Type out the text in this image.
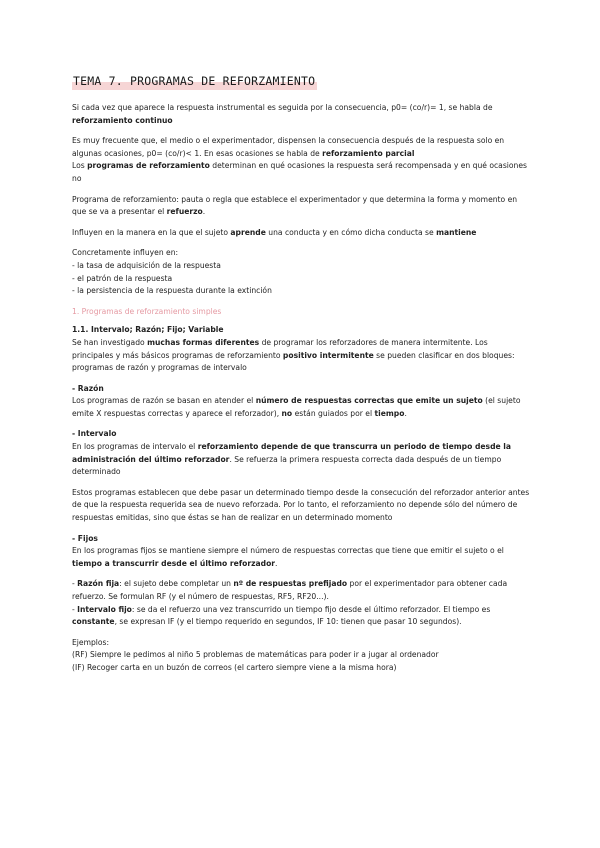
TEMA 7. PROGRAMAS DE REFORZAMIENTO

Si cada vez que aparece la respuesta instrumental es seguida por la consecuencia, p0= (co/r)= 1, se habla de reforzamiento continuo

Es muy frecuente que, el medio o el experimentador, dispensen la consecuencia después de la respuesta solo en algunas ocasiones, p0= (co/r)< 1. En esas ocasiones se habla de reforzamiento parcial

Los programas de reforzamiento determinan en qué ocasiones la respuesta será recompensada y en qué ocasiones no

Programa de reforzamiento: pauta o regla que establece el experimentador y que determina la forma y momento en que se va a presentar el refuerzo.

Influyen en la manera en la que el sujeto aprende una conducta y en cómo dicha conducta se mantiene

Concretamente influyen en:
- la tasa de adquisición de la respuesta
- el patrón de la respuesta
- la persistencia de la respuesta durante la extinción

1. Programas de reforzamiento simples

1.1. Intervalo; Razón; Fijo; Variable
Se han investigado muchas formas diferentes de programar los reforzadores de manera intermitente. Los principales y más básicos programas de reforzamiento positivo intermitente se pueden clasificar en dos bloques: programas de razón y programas de intervalo

- Razón
Los programas de razón se basan en atender el número de respuestas correctas que emite un sujeto (el sujeto emite X respuestas correctas y aparece el reforzador), no están guiados por el tiempo.

- Intervalo
En los programas de intervalo el reforzamiento depende de que transcurra un periodo de tiempo desde la administración del último reforzador. Se refuerza la primera respuesta correcta dada después de un tiempo determinado

Estos programas establecen que debe pasar un determinado tiempo desde la consecución del reforzador anterior antes de que la respuesta requerida sea de nuevo reforzada. Por lo tanto, el reforzamiento no depende sólo del número de respuestas emitidas, sino que éstas se han de realizar en un determinado momento

- Fijos
En los programas fijos se mantiene siempre el número de respuestas correctas que tiene que emitir el sujeto o el tiempo a transcurrir desde el último reforzador.

- Razón fija: el sujeto debe completar un nº de respuestas prefijado por el experimentador para obtener cada refuerzo. Se formulan RF (y el número de respuestas, RF5, RF20...).
- Intervalo fijo: se da el refuerzo una vez transcurrido un tiempo fijo desde el último reforzador. El tiempo es constante, se expresan IF (y el tiempo requerido en segundos, IF 10: tienen que pasar 10 segundos).

Ejemplos:
(RF) Siempre le pedimos al niño 5 problemas de matemáticas para poder ir a jugar al ordenador
(IF) Recoger carta en un buzón de correos (el cartero siempre viene a la misma hora)
